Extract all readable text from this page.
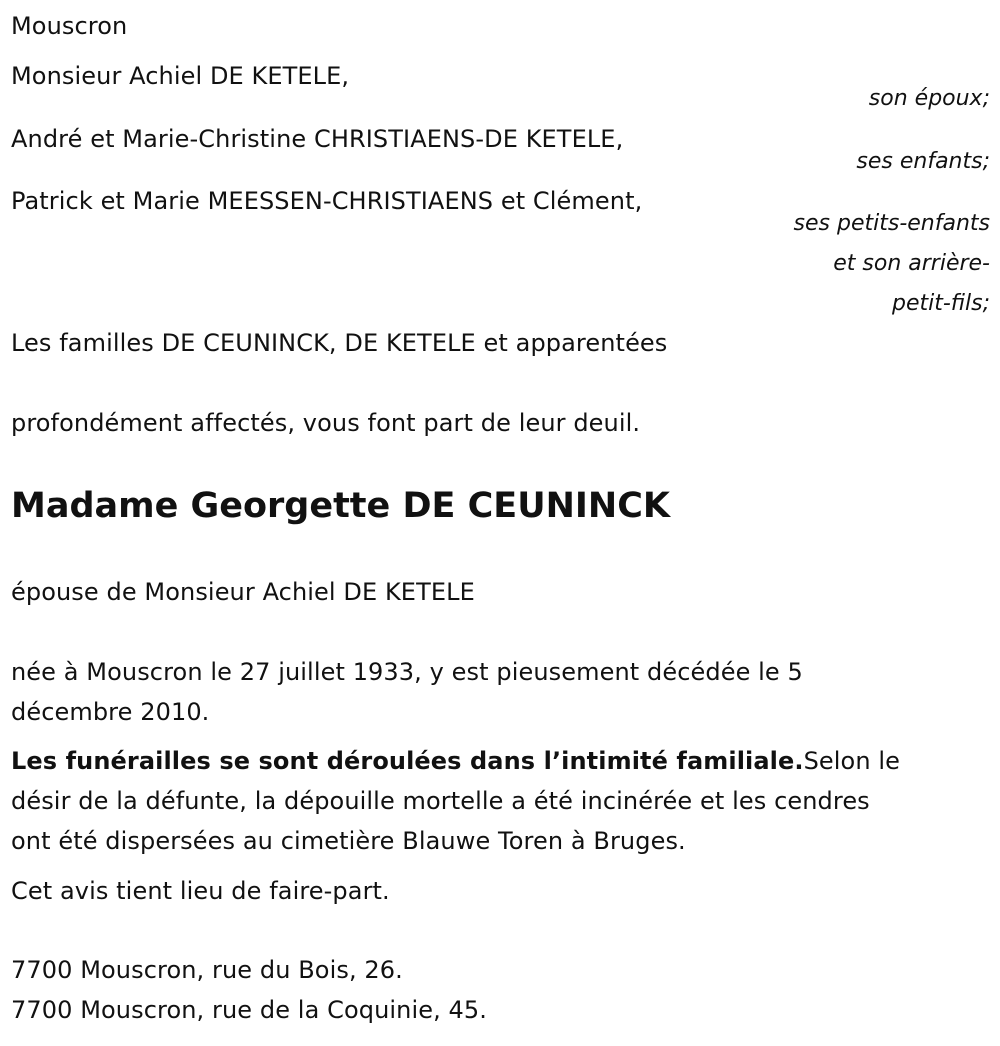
Mouscron
Monsieur Achiel DE KETELE,
son époux;
André et Marie-Christine CHRISTIAENS-DE KETELE,
ses enfants;
Patrick et Marie MEESSEN-CHRISTIAENS et Clément,
ses petits-enfants
et son arrière-
petit-fils;
Les familles DE CEUNINCK, DE KETELE et apparentées
profondément affectés, vous font part de leur deuil.
Madame Georgette DE CEUNINCK
épouse de Monsieur Achiel DE KETELE
née à Mouscron le 27 juillet 1933, y est pieusement décédée le 5
décembre 2010.
Les funérailles se sont déroulées dans l’intimité familiale.Selon le
désir de la défunte, la dépouille mortelle a été incinérée et les cendres
ont été dispersées au cimetière Blauwe Toren à Bruges.
Cet avis tient lieu de faire-part.
7700 Mouscron, rue du Bois, 26.
7700 Mouscron, rue de la Coquinie, 45.
